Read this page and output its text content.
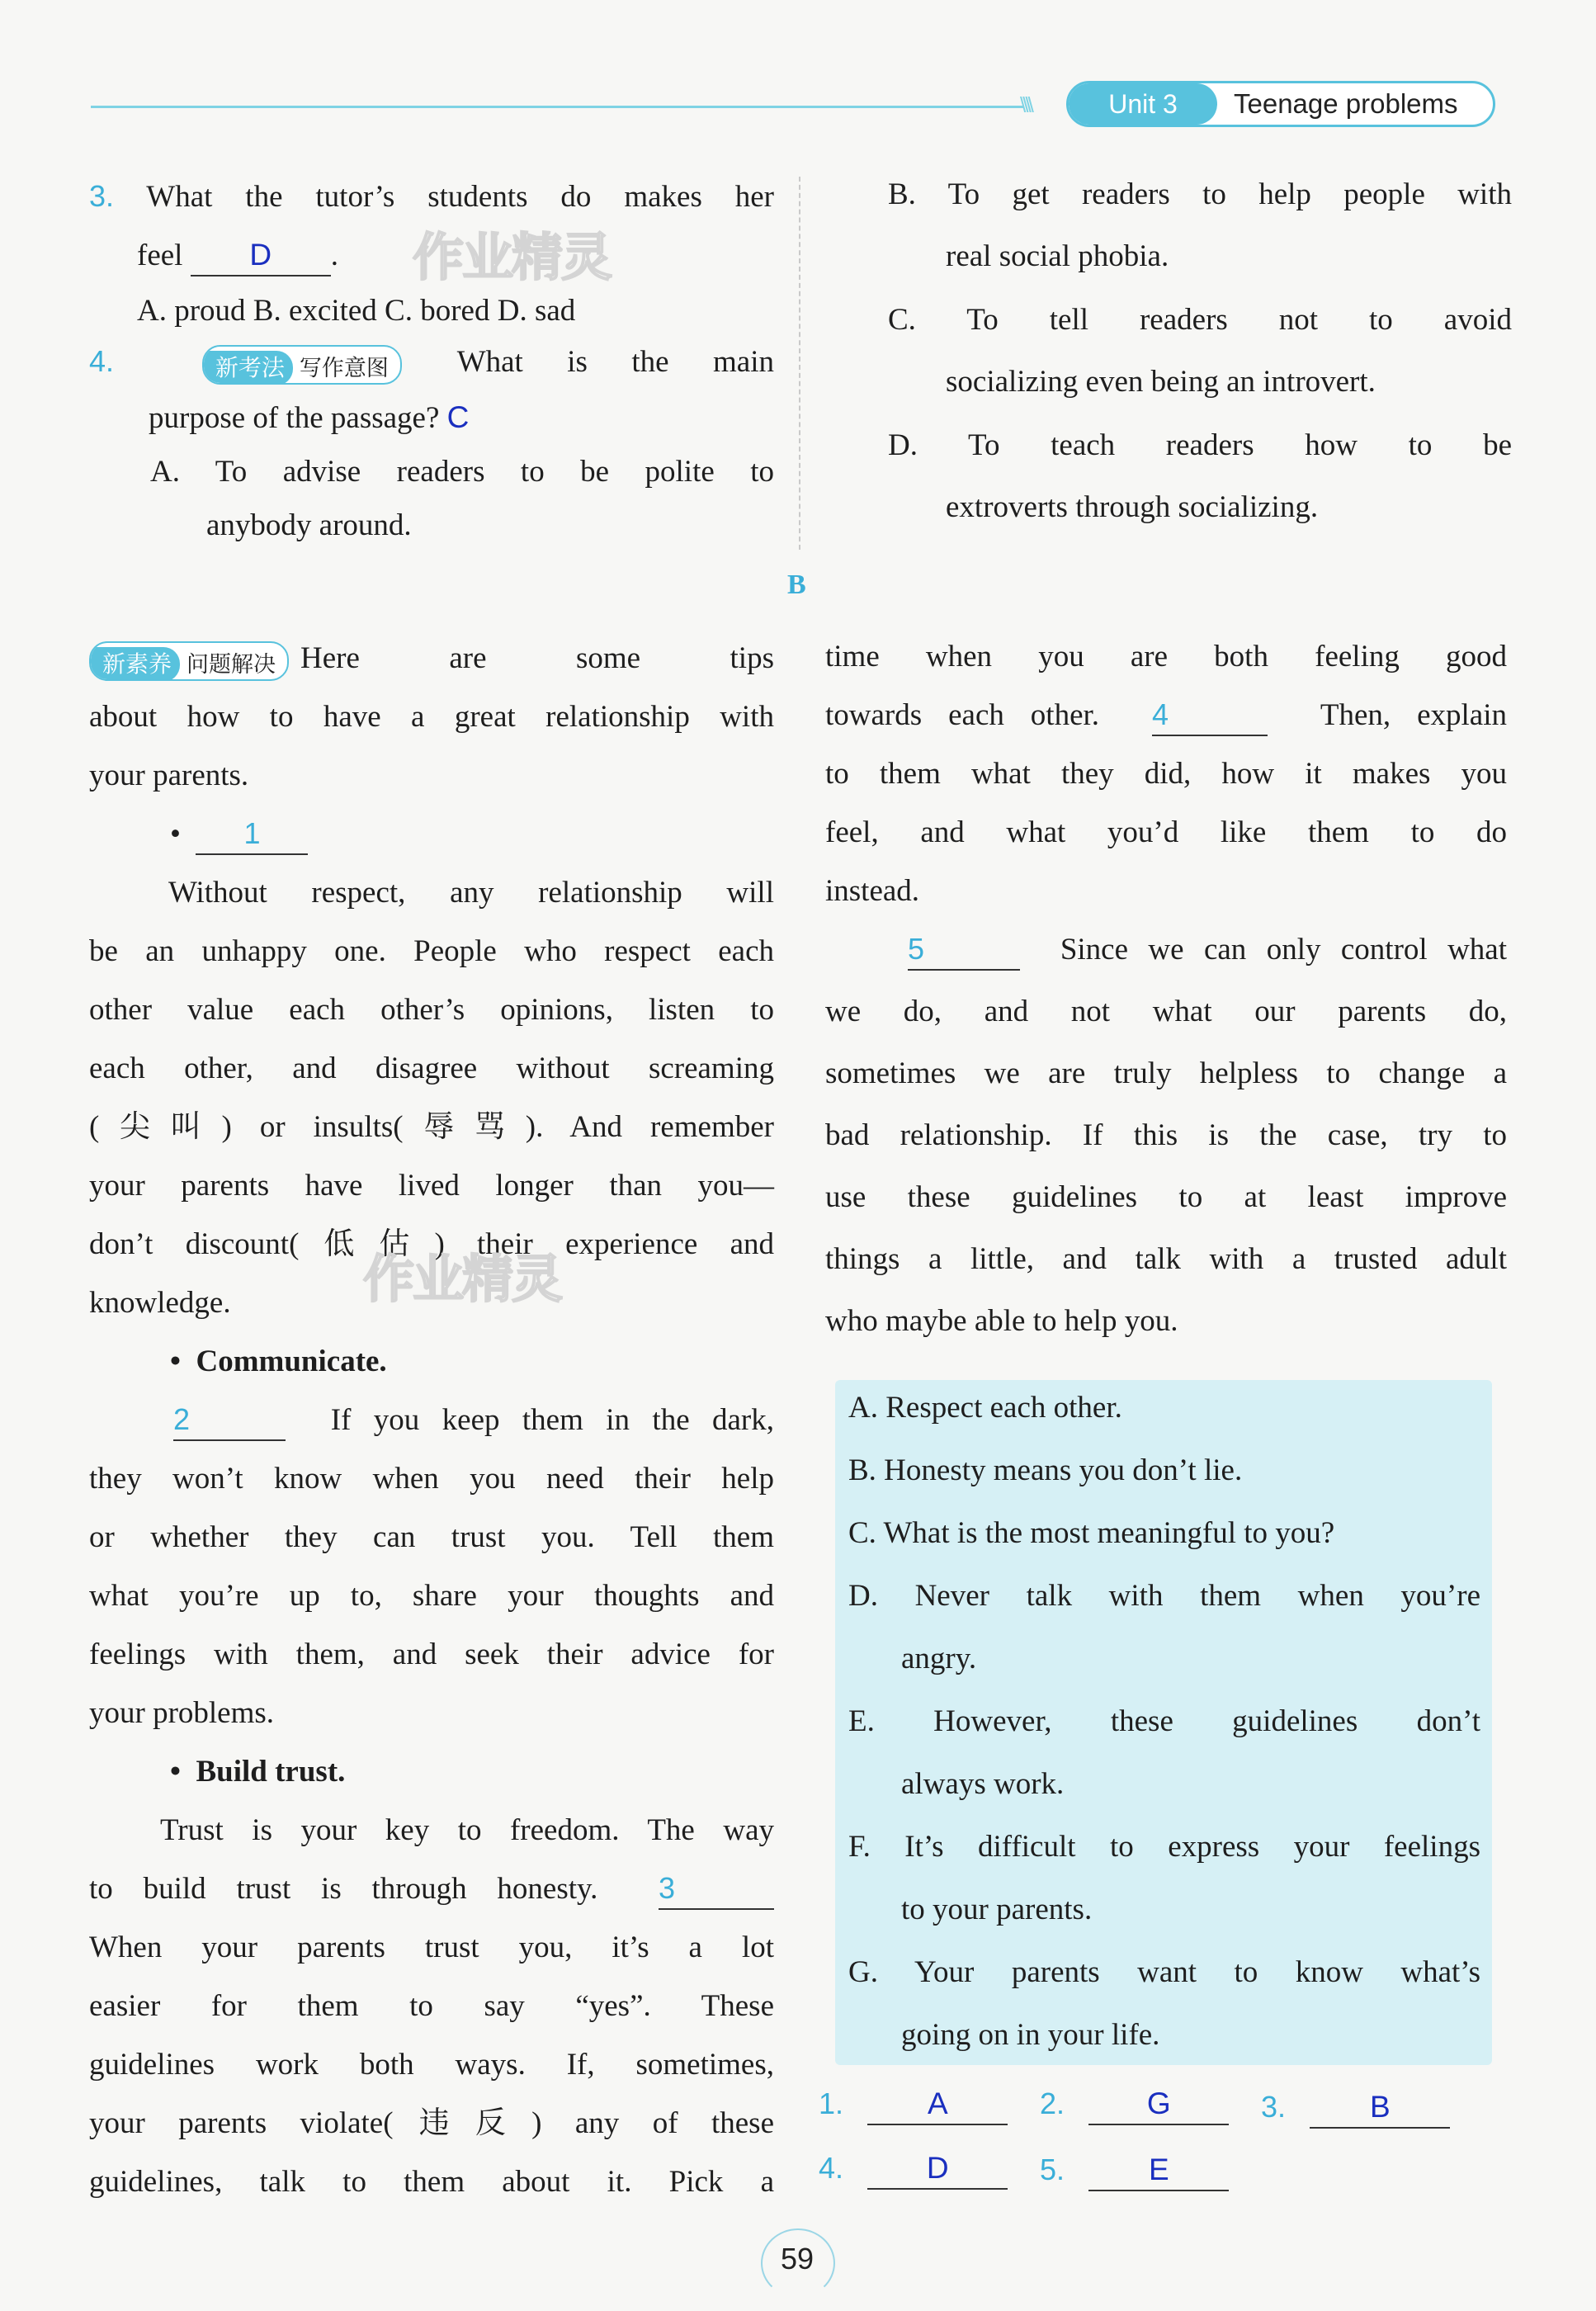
\\\\	Unit 3	Teenage problems
3. What the tutor’s students do makes her
feel D .
A. proud B. excited C. bored D. sad
4.	新考法 写作意图 What is the main
purpose of the passage? C
A. To advise readers to be polite to
anybody around.
B. To get readers to help people with
real social phobia.
C. To tell readers not to avoid
socializing even being an introvert.
D. To teach readers how to be
extroverts through socializing.
B
新素养 问题解决 Here are some tips
about how to have a great relationship with
your parents.
• 1
Without respect, any relationship will
be an unhappy one. People who respect each
other value each other’s opinions, listen to
each other, and disagree without screaming
(尖叫) or insults(辱骂). And remember
your parents have lived longer than you—
don’t discount(低估) their experience and
knowledge.
• Communicate.
2	If you keep them in the dark,
they won’t know when you need their help
or whether they can trust you. Tell them
what you’re up to, share your thoughts and
feelings with them, and seek their advice for
your problems.
• Build trust.
Trust is your key to freedom. The way
to build trust is through honesty. 3
When your parents trust you, it’s a lot
easier for them to say “yes”. These
guidelines work both ways. If, sometimes,
your parents violate(违反) any of these
guidelines, talk to them about it. Pick a
time when you are both feeling good
towards each other. 4	Then, explain
to them what they did, how it makes you
feel, and what you’d like them to do
instead.
5	Since we can only control what
we do, and not what our parents do,
sometimes we are truly helpless to change a
bad relationship. If this is the case, try to
use these guidelines to at least improve
things a little, and talk with a trusted adult
who maybe able to help you.
A. Respect each other.
B. Honesty means you don’t lie.
C. What is the most meaningful to you?
D. Never talk with them when you’re
angry.
E. However, these guidelines don’t
always work.
F. It’s difficult to express your feelings
to your parents.
G. Your parents want to know what’s
going on in your life.
1.	A	2.	G	3.	B
4.	D	5.	E
作业精灵
作业精灵
59
